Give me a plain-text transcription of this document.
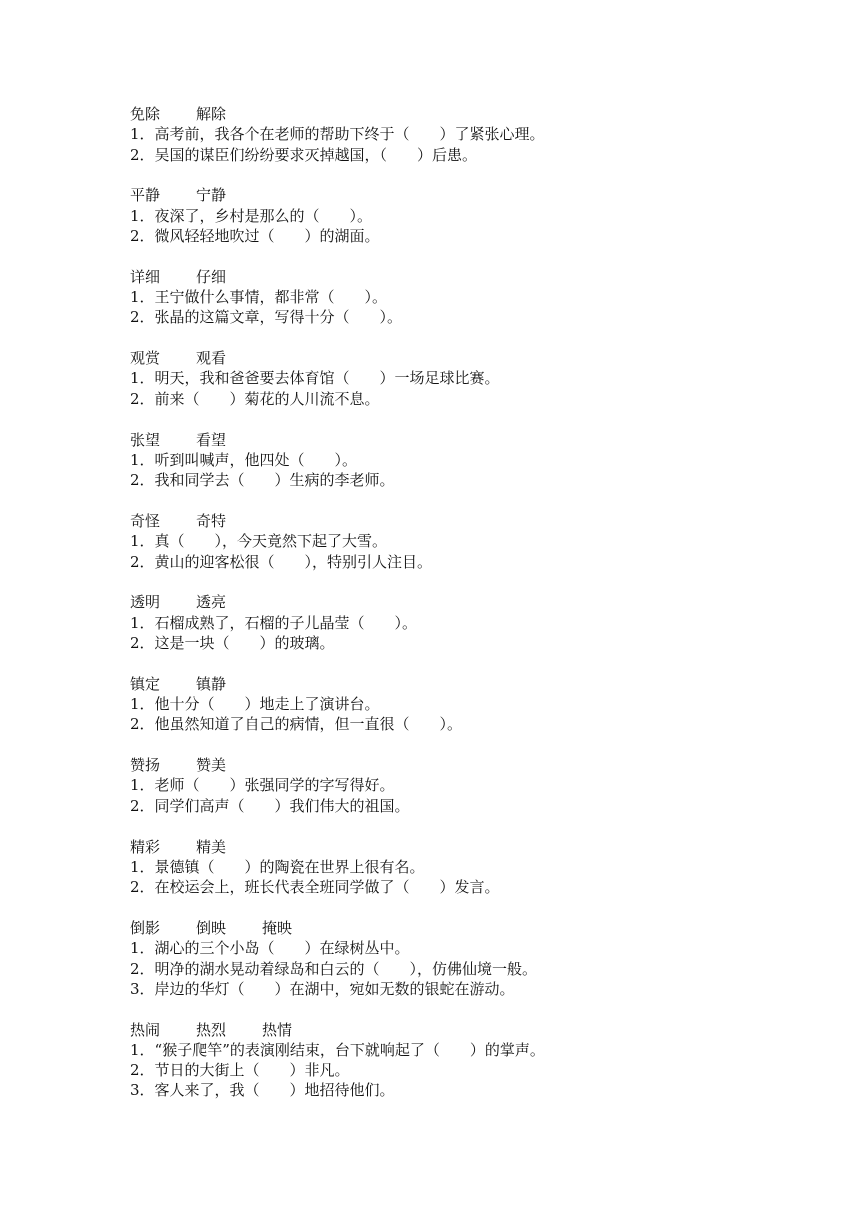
免除 解除
1．高考前，我各个在老师的帮助下终于（　　）了紧张心理。
2．吴国的谋臣们纷纷要求灭掉越国，（　　）后患。
平静 宁静
1．夜深了，乡村是那么的（　　）。
2．微风轻轻地吹过（　　）的湖面。
详细 仔细
1．王宁做什么事情，都非常（　　）。
2．张晶的这篇文章，写得十分（　　）。
观赏 观看
1．明天，我和爸爸要去体育馆（　　）一场足球比赛。
2．前来（　　）菊花的人川流不息。
张望 看望
1．听到叫喊声，他四处（　　）。
2．我和同学去（　　）生病的李老师。
奇怪 奇特
1．真（　　），今天竟然下起了大雪。
2．黄山的迎客松很（　　），特别引人注目。
透明 透亮
1．石榴成熟了，石榴的子儿晶莹（　　）。
2．这是一块（　　）的玻璃。
镇定 镇静
1．他十分（　　）地走上了演讲台。
2．他虽然知道了自己的病情，但一直很（　　）。
赞扬 赞美
1．老师（　　）张强同学的字写得好。
2．同学们高声（　　）我们伟大的祖国。
精彩 精美
1．景德镇（　　）的陶瓷在世界上很有名。
2．在校运会上，班长代表全班同学做了（　　）发言。
倒影 倒映 掩映
1．湖心的三个小岛（　　）在绿树丛中。
2．明净的湖水晃动着绿岛和白云的（　　），仿佛仙境一般。
3．岸边的华灯（　　）在湖中，宛如无数的银蛇在游动。
热闹 热烈 热情
1．“猴子爬竿”的表演刚结束，台下就响起了（　　）的掌声。
2．节日的大街上（　　）非凡。
3．客人来了，我（　　）地招待他们。
